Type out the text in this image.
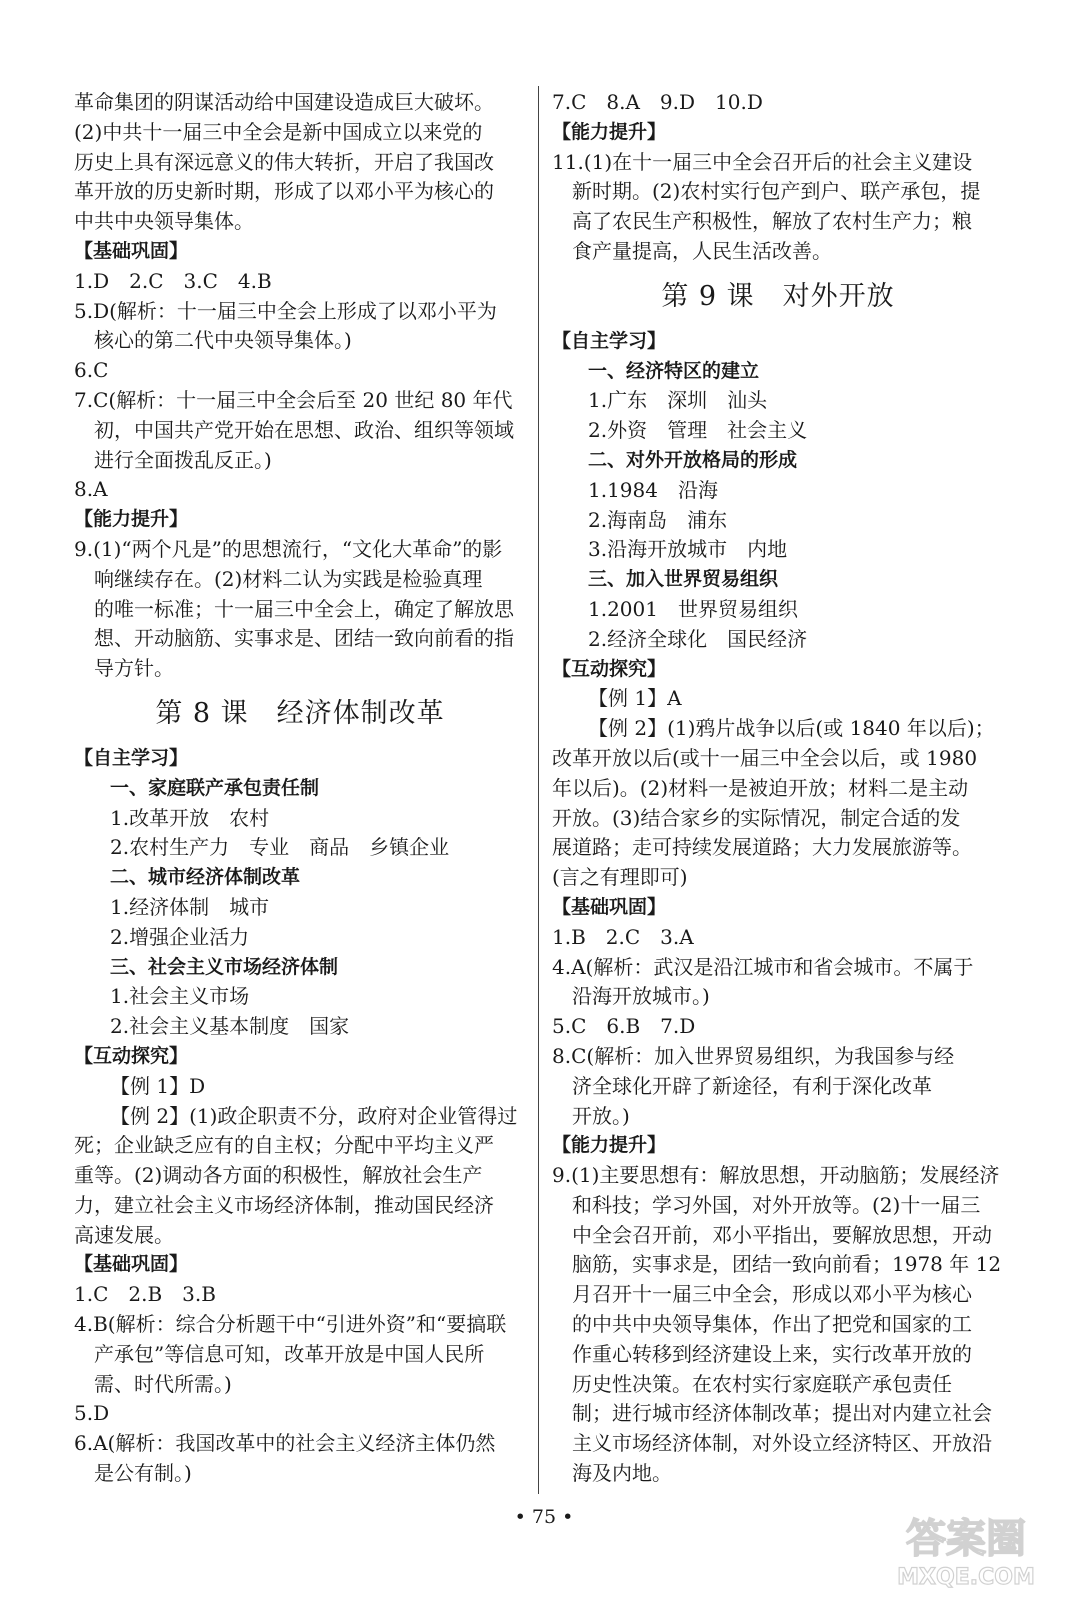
革命集团的阴谋活动给中国建设造成巨大破坏。
(2)中共十一届三中全会是新中国成立以来党的
历史上具有深远意义的伟大转折，开启了我国改
革开放的历史新时期，形成了以邓小平为核心的
中共中央领导集体。
【基础巩固】
1.D　2.C　3.C　4.B
5.D(解析：十一届三中全会上形成了以邓小平为
核心的第二代中央领导集体。)
6.C
7.C(解析：十一届三中全会后至 20 世纪 80 年代
初，中国共产党开始在思想、政治、组织等领域
进行全面拨乱反正。)
8.A
【能力提升】
9.(1)“两个凡是”的思想流行，“文化大革命”的影
响继续存在。(2)材料二认为实践是检验真理
的唯一标准；十一届三中全会上，确定了解放思
想、开动脑筋、实事求是、团结一致向前看的指
导方针。
第 8 课　经济体制改革
【自主学习】
一、家庭联产承包责任制
1.改革开放　农村
2.农村生产力　专业　商品　乡镇企业
二、城市经济体制改革
1.经济体制　城市
2.增强企业活力
三、社会主义市场经济体制
1.社会主义市场
2.社会主义基本制度　国家
【互动探究】
【例 1】D
【例 2】(1)政企职责不分，政府对企业管得过
死；企业缺乏应有的自主权；分配中平均主义严
重等。(2)调动各方面的积极性，解放社会生产
力，建立社会主义市场经济体制，推动国民经济
高速发展。
【基础巩固】
1.C　2.B　3.B
4.B(解析：综合分析题干中“引进外资”和“要搞联
产承包”等信息可知，改革开放是中国人民所
需、时代所需。)
5.D
6.A(解析：我国改革中的社会主义经济主体仍然
是公有制。)
7.C　8.A　9.D　10.D
【能力提升】
11.(1)在十一届三中全会召开后的社会主义建设
新时期。(2)农村实行包产到户、联产承包，提
高了农民生产积极性，解放了农村生产力；粮
食产量提高，人民生活改善。
第 9 课　对外开放
【自主学习】
一、经济特区的建立
1.广东　深圳　汕头
2.外资　管理　社会主义
二、对外开放格局的形成
1.1984　沿海
2.海南岛　浦东
3.沿海开放城市　内地
三、加入世界贸易组织
1.2001　世界贸易组织
2.经济全球化　国民经济
【互动探究】
【例 1】A
【例 2】(1)鸦片战争以后(或 1840 年以后)；
改革开放以后(或十一届三中全会以后，或 1980
年以后)。(2)材料一是被迫开放；材料二是主动
开放。(3)结合家乡的实际情况，制定合适的发
展道路；走可持续发展道路；大力发展旅游等。
(言之有理即可)
【基础巩固】
1.B　2.C　3.A
4.A(解析：武汉是沿江城市和省会城市。不属于
沿海开放城市。)
5.C　6.B　7.D
8.C(解析：加入世界贸易组织，为我国参与经
济全球化开辟了新途径，有利于深化改革
开放。)
【能力提升】
9.(1)主要思想有：解放思想，开动脑筋；发展经济
和科技；学习外国，对外开放等。(2)十一届三
中全会召开前，邓小平指出，要解放思想，开动
脑筋，实事求是，团结一致向前看；1978 年 12
月召开十一届三中全会，形成以邓小平为核心
的中共中央领导集体，作出了把党和国家的工
作重心转移到经济建设上来，实行改革开放的
历史性决策。在农村实行家庭联产承包责任
制；进行城市经济体制改革；提出对内建立社会
主义市场经济体制，对外设立经济特区、开放沿
海及内地。
• 75 •	答案圈
MXQE.COM
